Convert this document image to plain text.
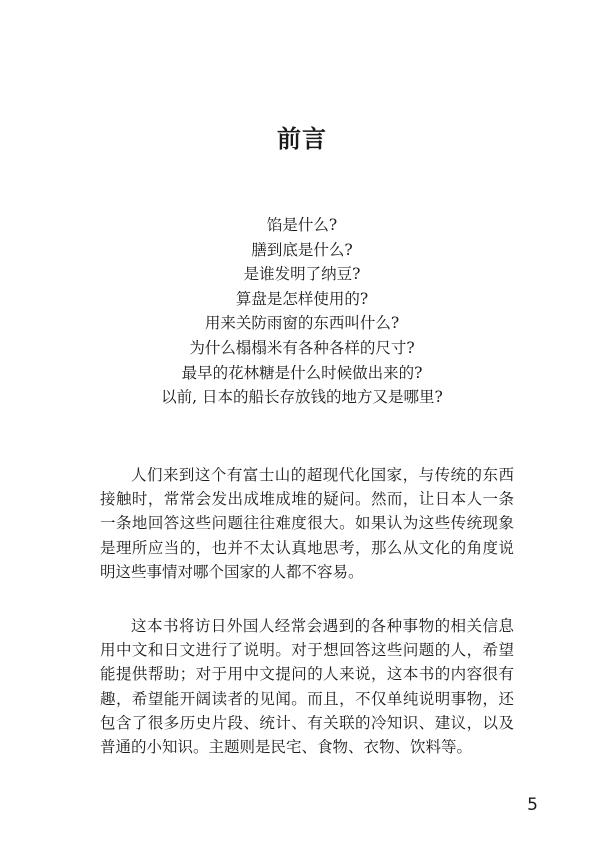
前言
馅是什么?
膳到底是什么?
是谁发明了纳豆?
算盘是怎样使用的?
用来关防雨窗的东西叫什么?
为什么榻榻米有各种各样的尺寸?
最早的花林糖是什么时候做出来的?
以前, 日本的船长存放钱的地方又是哪里?

人们来到这个有富士山的超现代化国家，与传统的东西接触时，常常会发出成堆成堆的疑问。然而，让日本人一条一条地回答这些问题往往难度很大。如果认为这些传统现象是理所应当的，也并不太认真地思考，那么从文化的角度说明这些事情对哪个国家的人都不容易。

这本书将访日外国人经常会遇到的各种事物的相关信息用中文和日文进行了说明。对于想回答这些问题的人，希望能提供帮助；对于用中文提问的人来说，这本书的内容很有趣，希望能开阔读者的见闻。而且，不仅单纯说明事物，还包含了很多历史片段、统计、有关联的冷知识、建议，以及普通的小知识。主题则是民宅、食物、衣物、饮料等。

5
